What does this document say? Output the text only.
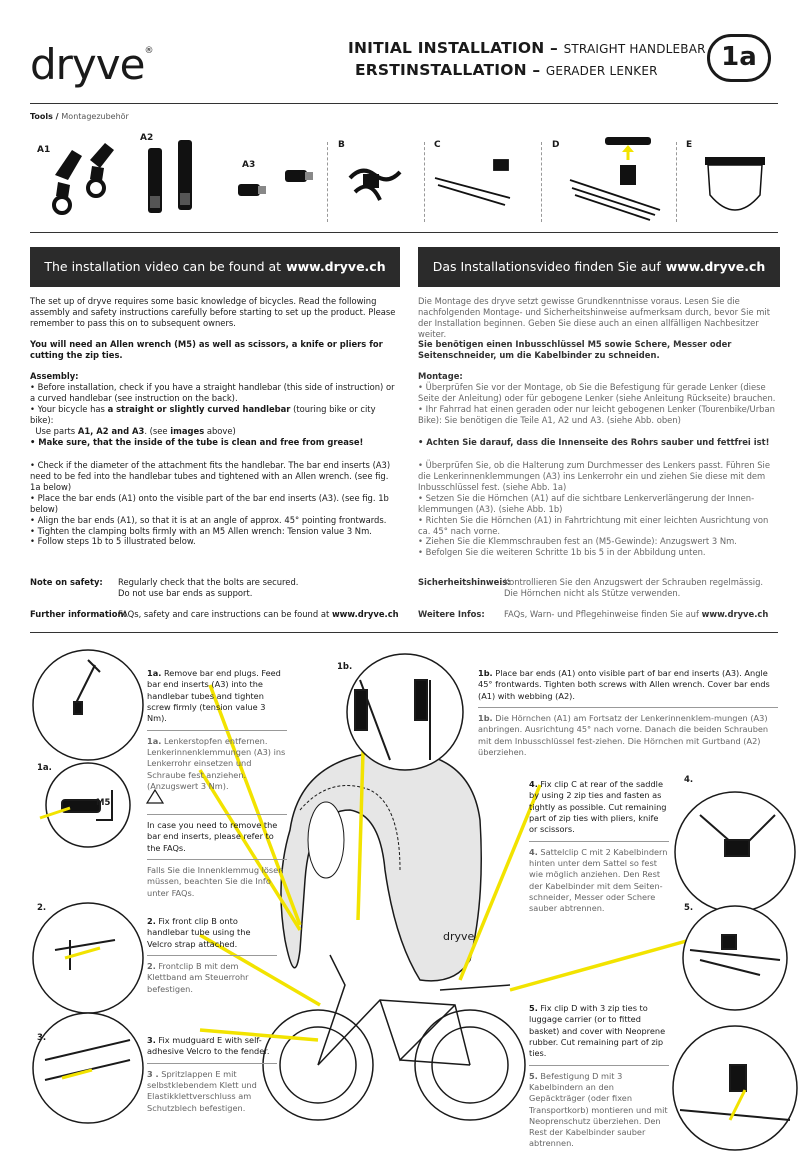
dryve®	INITIAL INSTALLATION – STRAIGHT HANDLEBAR
ERSTINSTALLATION – GERADER LENKER	1a
Tools / Montagezubehör
A1
A2
A3
B	C	D	E
The installation video can be found at www.dryve.ch	Das Installationsvideo finden Sie auf www.dryve.ch

The set up of dryve requires some basic knowledge of bicycles. Read the following assembly and safety instructions carefully before starting to set up the product. Please remember to pass this on to subsequent owners.

You will need an Allen wrench (M5) as well as scissors, a knife or pliers for cutting the zip ties.

Assembly:

• Before installation, check if you have a straight handlebar (this side of instruction) or a curved handlebar (see instruction on the back).

• Your bicycle has a straight or slightly curved handlebar (touring bike or city bike):
Use parts A1, A2 and A3. (see images above)

• Make sure, that the inside of the tube is clean and free from grease!

• Check if the diameter of the attachment fits the handlebar. The bar end inserts (A3) need to be fed into the handlebar tubes and tightened with an Allen wrench. (see fig. 1a below)

• Place the bar ends (A1) onto the visible part of the bar end inserts (A3). (see fig. 1b below)

• Align the bar ends (A1), so that it is at an angle of approx. 45° pointing frontwards.

• Tighten the clamping bolts firmly with an M5 Allen wrench: Tension value 3 Nm.

• Follow steps 1b to 5 illustrated below.

Note on safety: Regularly check that the bolts are secured.
Do not use bar ends as support.
Further information:
FAQs, safety and care instructions can be found at www.dryve.ch
Die Montage des dryve setzt gewisse Grundkenntnisse voraus. Lesen Sie die nachfolgenden Montage- und Sicherheitshinweise aufmerksam durch, bevor Sie mit der Installation beginnen. Geben Sie diese auch an einen allfälligen Nachbesitzer weiter.
Sie benötigen einen Inbusschlüssel M5 sowie Schere, Messer oder Seitenschneider, um die Kabelbinder zu schneiden.

Montage:

• Überprüfen Sie vor der Montage, ob Sie die Befestigung für gerade Lenker (diese Seite der Anleitung) oder für gebogene Lenker (siehe Anleitung Rückseite) brauchen.

• Ihr Fahrrad hat einen geraden oder nur leicht gebogenen Lenker (Tourenbike/Urban Bike): Sie benötigen die Teile A1, A2 und A3. (siehe Abb. oben)

• Achten Sie darauf, dass die Innenseite des Rohrs sauber und fettfrei ist!

• Überprüfen Sie, ob die Halterung zum Durchmesser des Lenkers passt. Führen Sie die Lenkerinnenklemmungen (A3) ins Lenkerrohr ein und ziehen Sie diese mit dem Inbusschlüssel fest. (siehe Abb. 1a)

• Setzen Sie die Hörnchen (A1) auf die sichtbare Lenkerverlängerung der Innen-klemmungen (A3). (siehe Abb. 1b)

• Richten Sie die Hörnchen (A1) in Fahrtrichtung mit einer leichten Ausrichtung von ca. 45° nach vorne.

• Ziehen Sie die Klemmschrauben fest an (M5-Gewinde): Anzugswert 3 Nm.

• Befolgen Sie die weiteren Schritte 1b bis 5 in der Abbildung unten.

Sicherheitshinweis:
Kontrollieren Sie den Anzugswert der Schrauben regelmässig.
Die Hörnchen nicht als Stütze verwenden.
Weitere Infos: FAQs, Warn- und Pflegehinweise finden Sie auf www.dryve.ch
1a.
M5
1b.
2.
3.
4.
5.
dryve

1a. Remove bar end plugs. Feed bar end inserts (A3) into the handlebar tubes and tighten screw firmly (tension value 3 Nm).

1a. Lenkerstopfen entfernen. Lenkerinnenklemmungen (A3) ins Lenkerrohr einsetzen und Schraube fest anziehen. (Anzugswert 3 Nm).

In case you need to remove the bar end inserts, please refer to the FAQs.

Falls Sie die Innenklemmug lösen müssen, beachten Sie die Info unter FAQs.

1b. Place bar ends (A1) onto visible part of bar end inserts (A3). Angle 45° frontwards. Tighten both screws with Allen wrench. Cover bar ends (A1) with webbing (A2).

1b. Die Hörnchen (A1) am Fortsatz der Lenkerinnenklem-mungen (A3) anbringen. Ausrichtung 45° nach vorne. Danach die beiden Schrauben mit dem Inbusschlüssel fest-ziehen. Die Hörnchen mit Gurtband (A2) überziehen.

2. Fix front clip B onto handlebar tube using the Velcro strap attached.

2. Frontclip B mit dem Klettband am Steuerrohr befestigen.

3. Fix mudguard E with self-adhesive Velcro to the fender.

3 . Spritzlappen E mit selbstklebendem Klett und Elastikklettverschluss am Schutzblech befestigen.

4. Fix clip C at rear of the saddle by using 2 zip ties and fasten as tightly as possible. Cut remaining part of zip ties with pliers, knife or scissors.

4. Sattelclip C mit 2 Kabelbindern hinten unter dem Sattel so fest wie möglich anziehen. Den Rest der Kabelbinder mit dem Seiten-schneider, Messer oder Schere sauber abtrennen.

5. Fix clip D with 3 zip ties to luggage carrier (or to fitted basket) and cover with Neoprene rubber. Cut remaining part of zip ties.

5. Befestigung D mit 3 Kabelbindern an den Gepäckträger (oder fixen Transportkorb) montieren und mit Neoprenschutz überziehen. Den Rest der Kabelbinder sauber abtrennen.
